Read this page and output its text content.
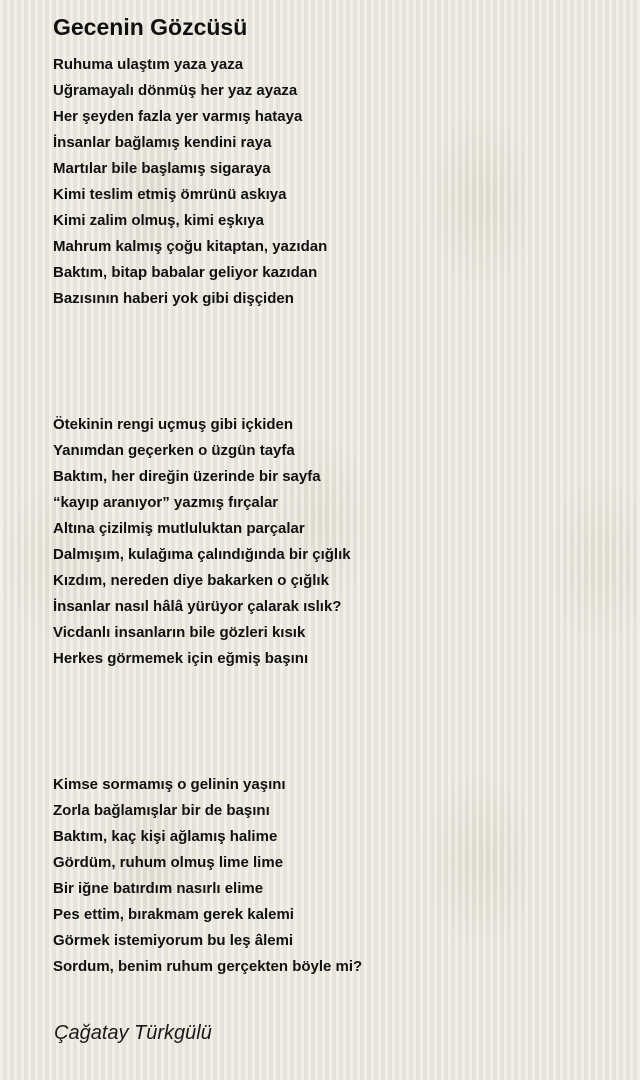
Gecenin Gözcüsü
Ruhuma ulaştım yaza yaza
Uğramayalı dönmüş her yaz ayaza
Her şeyden fazla yer varmış hataya
İnsanlar bağlamış kendini raya
Martılar bile başlamış sigaraya
Kimi teslim etmiş ömrünü askıya
Kimi zalim olmuş, kimi eşkıya
Mahrum kalmış çoğu kitaptan, yazıdan
Baktım, bitap babalar geliyor kazıdan
Bazısının haberi yok gibi dişçiden
Ötekinin rengi uçmuş gibi içkiden
Yanımdan geçerken o üzgün tayfa
Baktım, her direğin üzerinde bir sayfa
“kayıp aranıyor” yazmış fırçalar
Altına çizilmiş mutluluktan parçalar
Dalmışım, kulağıma çalındığında bir çığlık
Kızdım, nereden diye bakarken o çığlık
İnsanlar nasıl hâlâ yürüyor çalarak ıslık?
Vicdanlı insanların bile gözleri kısık
Herkes görmemek için eğmiş başını
Kimse sormamış o gelinin yaşını
Zorla bağlamışlar bir de başını
Baktım, kaç kişi ağlamış halime
Gördüm, ruhum olmuş lime lime
Bir iğne batırdım nasırlı elime
Pes ettim, bırakmam gerek kalemi
Görmek istemiyorum bu leş âlemi
Sordum, benim ruhum gerçekten böyle mi?

Çağatay Türkgülü
